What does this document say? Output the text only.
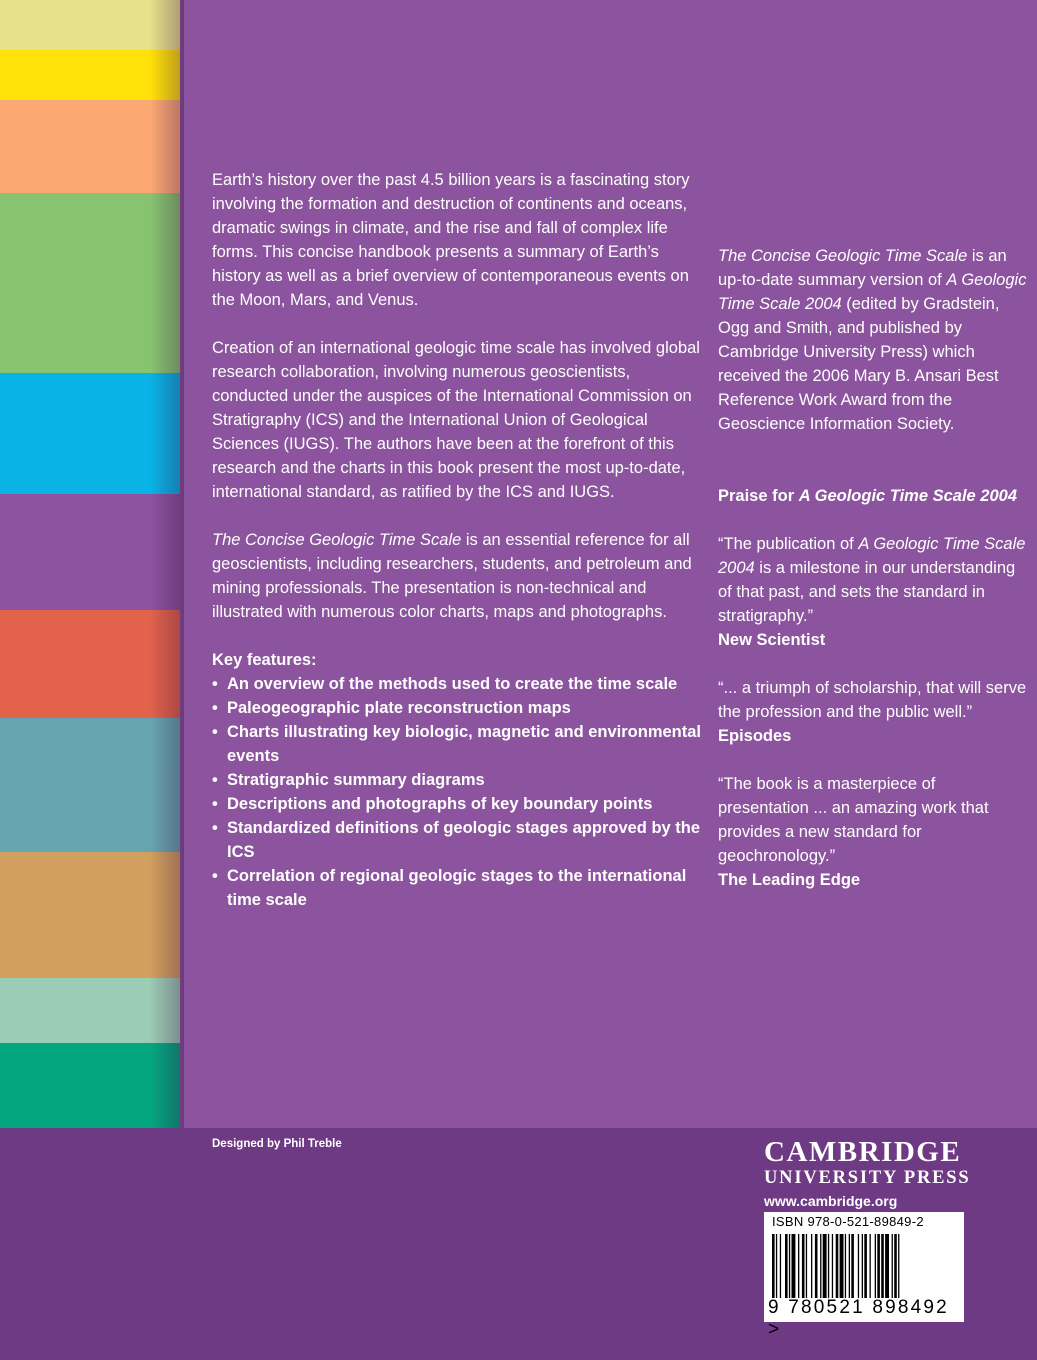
Earth’s history over the past 4.5 billion years is a fascinating story involving the formation and destruction of continents and oceans, dramatic swings in climate, and the rise and fall of complex life forms. This concise handbook presents a summary of Earth’s history as well as a brief overview of contemporaneous events on the Moon, Mars, and Venus.

Creation of an international geologic time scale has involved global research collaboration, involving numerous geoscientists, conducted under the auspices of the International Commission on Stratigraphy (ICS) and the International Union of Geological Sciences (IUGS). The authors have been at the forefront of this research and the charts in this book present the most up-to-date, international standard, as ratified by the ICS and IUGS.

The Concise Geologic Time Scale is an essential reference for all geoscientists, including researchers, students, and petroleum and mining professionals. The presentation is non-technical and illustrated with numerous color charts, maps and photographs.

Key features:
• An overview of the methods used to create the time scale
• Paleogeographic plate reconstruction maps
• Charts illustrating key biologic, magnetic and environmental events
• Stratigraphic summary diagrams
• Descriptions and photographs of key boundary points
• Standardized definitions of geologic stages approved by the ICS
• Correlation of regional geologic stages to the international time scale

The Concise Geologic Time Scale is an up-to-date summary version of A Geologic Time Scale 2004 (edited by Gradstein, Ogg and Smith, and published by Cambridge University Press) which received the 2006 Mary B. Ansari Best Reference Work Award from the Geoscience Information Society.

Praise for A Geologic Time Scale 2004

“The publication of A Geologic Time Scale 2004 is a milestone in our understanding of that past, and sets the standard in stratigraphy.”
New Scientist

“... a triumph of scholarship, that will serve the profession and the public well.”
Episodes

“The book is a masterpiece of presentation ... an amazing work that provides a new standard for geochronology.”
The Leading Edge

Designed by Phil Treble	CAMBRIDGE
UNIVERSITY PRESS
www.cambridge.org
ISBN 978-0-521-89849-2
9 780521 898492 >
